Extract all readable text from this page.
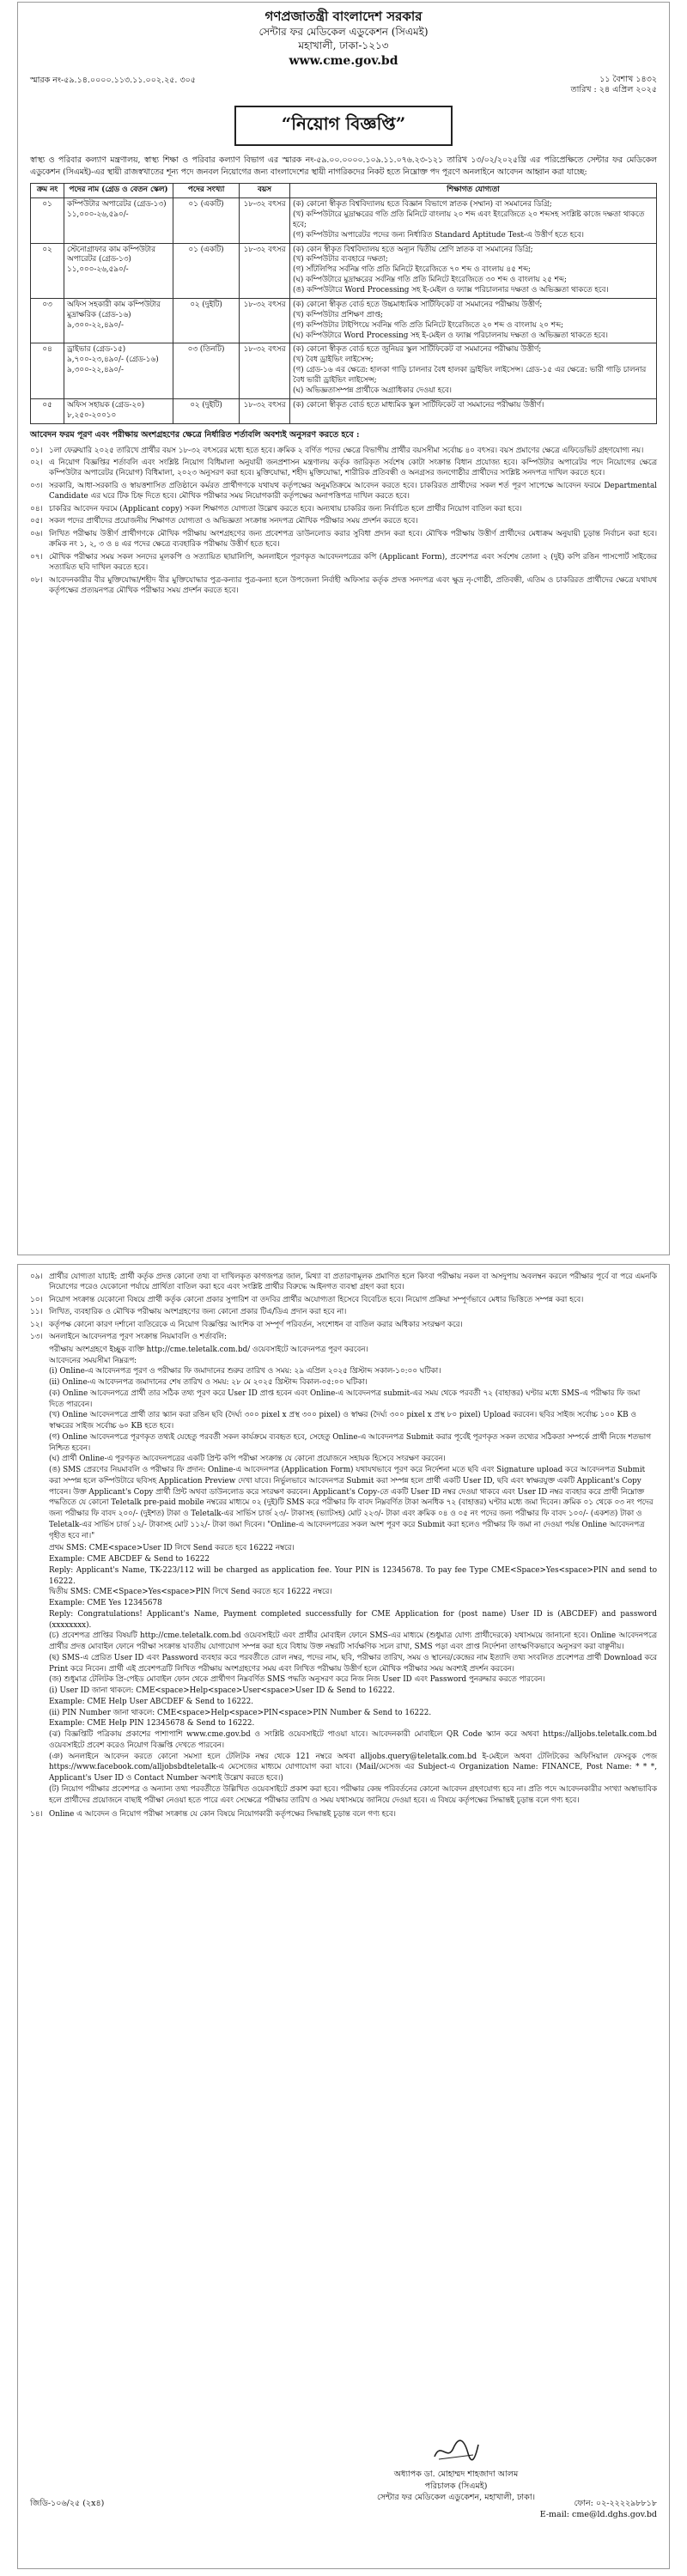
গণপ্রজাতন্ত্রী বাংলাদেশ সরকার
সেন্টার ফর মেডিকেল এডুকেশন (সিএমই)
মহাখালী, ঢাকা-১২১৩
www.cme.gov.bd
স্মারক নং-৫৯.১৪.০০০০.১১৩.১১.০০২.২৫. ৩০৫	১১ বৈশাখ ১৪৩২
তারিখ : ২৪ এপ্রিল ২০২৫
“নিয়োগ বিজ্ঞপ্তি”
স্বাস্থ্য ও পরিবার কল্যাণ মন্ত্রণালয়, স্বাস্থ্য শিক্ষা ও পরিবার কল্যাণ বিভাগ এর স্মারক নং-৫৯.০০.০০০০.১০৯.১১.০৭৬.২৩-১২১ তারিখ ১৩/০২/২০২৫খ্রি এর পরিপ্রেক্ষিতে সেন্টার ফর মেডিকেল এডুকেশন (সিএমই)-এর স্থায়ী রাজস্বখাতের শূন্য পদে জনবল নিয়োগের জন্য বাংলাদেশের স্থায়ী নাগরিকদের নিকট হতে নিম্নোক্ত পদ পূরণে অনলাইনে আবেদন আহ্বান করা যাচ্ছে:
ক্রম নং	পদের নাম (গ্রেড ও বেতন স্কেল)	পদের সংখ্যা	বয়স	শিক্ষাগত যোগ্যতা
০১	কম্পিউটার অপারেটর (গ্রেড-১৩) ১১,০০০-২৬,৫৯০/-	০১ (একটি)	১৮-৩২ বৎসর	(ক) কোনো স্বীকৃত বিশ্ববিদ্যালয় হতে বিজ্ঞান বিভাগে স্নাতক (সম্মান) বা সমমানের ডিগ্রি;
(খ) কম্পিউটারে মুদ্রাক্ষরের গতি প্রতি মিনিটে বাংলায় ২০ শব্দ এবং ইংরেজিতে ২০ শব্দসহ সংশ্লিষ্ট কাজে দক্ষতা থাকতে হবে;
(গ) কম্পিউটার অপারেটর পদের জন্য নির্ধারিত Standard Aptitude Test-এ উত্তীর্ণ হতে হবে।

০২	স্টেনোগ্রাফার কাম কম্পিউটার অপারেটর (গ্রেড-১৩) ১১,০০০-২৬,৫৯০/-	০১ (একটি)	১৮-৩২ বৎসর	(ক) কোন স্বীকৃত বিশ্ববিদ্যালয় হতে অন্যূন দ্বিতীয় শ্রেণি স্নাতক বা সমমানের ডিগ্রি;
(খ) কম্পিউটার ব্যবহারে দক্ষতা;
(গ) সাঁটলিপির সর্বনিম্ন গতি প্রতি মিনিটে ইংরেজিতে ৭০ শব্দ ও বাংলায় ৪৫ শব্দ;
(ঘ) কম্পিউটারে মুদ্রাক্ষরের সর্বনিম্ন গতি প্রতি মিনিটে ইংরেজিতে ৩০ শব্দ ও বাংলায় ২৫ শব্দ;
(ঙ) কম্পিউটারে Word Processing সহ ই-মেইল ও ফ্যাক্স পরিচালনার দক্ষতা ও অভিজ্ঞতা থাকতে হবে।

০৩	অফিস সহকারী কাম কম্পিউটার মুদ্রাক্ষরিক (গ্রেড-১৬) ৯,৩০০-২২,৪৯০/-	০২ (দুইটি)	১৮-৩২ বৎসর	(ক) কোনো স্বীকৃত বোর্ড হতে উচ্চমাধ্যমিক সার্টিফিকেট বা সমমানের পরীক্ষায় উত্তীর্ণ;
(খ) কম্পিউটার প্রশিক্ষণ প্রাপ্ত;
(গ) কম্পিউটার টাইপিংয়ে সর্বনিম্ন গতি প্রতি মিনিটে ইংরেজিতে ২০ শব্দ ও বাংলায় ২০ শব্দ;
(ঘ) কম্পিউটারে Word Processing সহ ই-মেইল ও ফ্যাক্স পরিচালনায় দক্ষতা ও অভিজ্ঞতা থাকতে হবে।

০৪	ড্রাইভার (গ্রেড-১৫) ৯,৭০০-২৩,৪৯০/- (গ্রেড-১৬) ৯,৩০০-২২,৪৯০/-	০৩ (তিনটি)	১৮-৩২ বৎসর	(ক) কোনো স্বীকৃত বোর্ড হতে জুনিয়র স্কুল সার্টিফিকেট বা সমমানের পরীক্ষায় উত্তীর্ণ;
(খ) বৈধ ড্রাইভিং লাইসেন্স;
(গ) গ্রেড-১৬ এর ক্ষেত্রে: হালকা গাড়ি চালনার বৈধ হালকা ড্রাইভিং লাইসেন্স। গ্রেড-১৫ এর ক্ষেত্রে: ভারী গাড়ি চালনার বৈধ ভারী ড্রাইভিং লাইসেন্স;
(ঘ) অভিজ্ঞতাসম্পন্ন প্রার্থীকে অগ্রাধিকার দেওয়া হবে।

০৫	অফিস সহায়ক (গ্রেড-২০) ৮,২৫০-২০০১০	০২ (দুইটি)	১৮-৩২ বৎসর	(ক) কোনো স্বীকৃত বোর্ড হতে মাধ্যমিক স্কুল সার্টিফিকেট বা সমমানের পরীক্ষায় উত্তীর্ণ।
আবেদন ফরম পূরণ এবং পরীক্ষায় অংশগ্রহণের ক্ষেত্রে নির্ধারিত শর্তাবলি অবশ্যই অনুসরণ করতে হবে :
০১। ১লা ফেব্রুয়ারি ২০২৫ তারিখে প্রার্থীর বয়স ১৮-৩২ বৎসরের মধ্যে হতে হবে। ক্রমিক ২ বর্ণিত পদের ক্ষেত্রে বিভাগীয় প্রার্থীর বয়সসীমা সর্বোচ্চ ৪০ বৎসর। বয়স প্রমাণের ক্ষেত্রে এফিডেভিট গ্রহণযোগ্য নয়।
০২। এ নিয়োগ বিজ্ঞপ্তির শর্তাবলি এবং সংশ্লিষ্ট নিয়োগ বিধিমালা অনুযায়ী জনপ্রশাসন মন্ত্রণালয় কর্তৃক জারিকৃত সর্বশেষ কোটা সংক্রান্ত বিধান প্রযোজ্য হবে। কম্পিউটার অপারেটর পদে নিয়োগের ক্ষেত্রে কম্পিউটার অপারেটর (নিয়োগ) বিধিমালা, ২০২৩ অনুসরণ করা হবে। মুক্তিযোদ্ধা, শহীদ মুক্তিযোদ্ধা, শারীরিক প্রতিবন্ধী ও অনগ্রসর জনগোষ্ঠীর প্রার্থীদের সংশ্লিষ্ট সনদপত্র দাখিল করতে হবে।
০৩। সরকারি, আধা-সরকারি ও স্বায়ত্তশাসিত প্রতিষ্ঠানে কর্মরত প্রার্থীগণকে যথাযথ কর্তৃপক্ষের অনুমতিক্রমে আবেদন করতে হবে। চাকরিরত প্রার্থীদের সকল শর্ত পূরণ সাপেক্ষে আবেদন ফরমে Departmental Candidate এর ঘরে টিক চিহ্ন দিতে হবে। মৌখিক পরীক্ষার সময় নিয়োগকারী কর্তৃপক্ষের অনাপত্তিপত্র দাখিল করতে হবে।
০৪। চাকরির আবেদন ফরমে (Applicant copy) সকল শিক্ষাগত যোগ্যতা উল্লেখ করতে হবে। অন্যথায় চাকরির জন্য নির্বাচিত হলে প্রার্থীর নিয়োগ বাতিল করা হবে।
০৫। সকল পদের প্রার্থীদের প্রয়োজনীয় শিক্ষাগত যোগ্যতা ও অভিজ্ঞতা সংক্রান্ত সনদপত্র মৌখিক পরীক্ষার সময় প্রদর্শন করতে হবে।
০৬। লিখিত পরীক্ষায় উত্তীর্ণ প্রার্থীগণকে মৌখিক পরীক্ষায় অংশগ্রহণের জন্য প্রবেশপত্র ডাউনলোড করার সুবিধা প্রদান করা হবে। মৌখিক পরীক্ষায় উত্তীর্ণ প্রার্থীদের মেধাক্রম অনুযায়ী চূড়ান্ত নির্বাচন করা হবে। ক্রমিক নং ১, ২, ৩ ও ৪ এর পদের ক্ষেত্রে ব্যবহারিক পরীক্ষায় উত্তীর্ণ হতে হবে।
০৭। মৌখিক পরীক্ষার সময় সকল সনদের মূলকপি ও সত্যায়িত ছায়ালিপি, অনলাইনে পূরণকৃত আবেদনপত্রের কপি (Applicant Form), প্রবেশপত্র এবং সর্বশেষ তোলা ২ (দুই) কপি রঙিন পাসপোর্ট সাইজের সত্যায়িত ছবি দাখিল করতে হবে।
০৮। আবেদনকারীর বীর মুক্তিযোদ্ধা/শহীদ বীর মুক্তিযোদ্ধার পুত্র-কন্যার পুত্র-কন্যা হলে উপজেলা নির্বাহী অফিসার কর্তৃক প্রদত্ত সনদপত্র এবং ক্ষুদ্র নৃ-গোষ্ঠী, প্রতিবন্ধী, এতিম ও চাকরিরত প্রার্থীদের ক্ষেত্রে যথাযথ কর্তৃপক্ষের প্রত্যয়নপত্র মৌখিক পরীক্ষার সময় প্রদর্শন করতে হবে।
০৯। প্রার্থীর যোগ্যতা যাচাই: প্রার্থী কর্তৃক প্রদত্ত কোনো তথ্য বা দাখিলকৃত কাগজপত্র জাল, মিথ্যা বা প্রতারণামূলক প্রমাণিত হলে কিংবা পরীক্ষায় নকল বা অসদুপায় অবলম্বন করলে পরীক্ষার পূর্বে বা পরে এমনকি নিয়োগের পরেও যেকোনো পর্যায়ে প্রার্থিতা বাতিল করা হবে এবং সংশ্লিষ্ট প্রার্থীর বিরুদ্ধে আইনগত ব্যবস্থা গ্রহণ করা হবে।
১০। নিয়োগ সংক্রান্ত যেকোনো বিষয়ে প্রার্থী কর্তৃক কোনো প্রকার সুপারিশ বা তদবির প্রার্থীর অযোগ্যতা হিসেবে বিবেচিত হবে। নিয়োগ প্রক্রিয়া সম্পূর্ণভাবে মেধার ভিত্তিতে সম্পন্ন করা হবে।
১১। লিখিত, ব্যবহারিক ও মৌখিক পরীক্ষায় অংশগ্রহণের জন্য কোনো প্রকার টিএ/ডিএ প্রদান করা হবে না।
১২। কর্তৃপক্ষ কোনো কারণ দর্শানো ব্যতিরেকে এ নিয়োগ বিজ্ঞপ্তির আংশিক বা সম্পূর্ণ পরিবর্তন, সংশোধন বা বাতিল করার অধিকার সংরক্ষণ করে।
১৩। অনলাইনে আবেদনপত্র পূরণ সংক্রান্ত নিয়মাবলি ও শর্তাবলি:
পরীক্ষায় অংশগ্রহণে ইচ্ছুক ব্যক্তি http://cme.teletalk.com.bd/ ওয়েবসাইটে আবেদনপত্র পূরণ করবেন।
আবেদনের সময়সীমা নিম্নরূপ:
(i) Online-এ আবেদনপত্র পূরণ ও পরীক্ষার ফি জমাদানের শুরুর তারিখ ও সময়: ২৯ এপ্রিল ২০২৫ খ্রিস্টাব্দ সকাল-১০:০০ ঘটিকা।
(ii) Online-এ আবেদনপত্র জমাদানের শেষ তারিখ ও সময়: ২৮ মে ২০২৫ খ্রিস্টাব্দ বিকাল-০৫:০০ ঘটিকা।
(ক) Online আবেদনপত্রে প্রার্থী তার সঠিক তথ্য পূরণ করে User ID প্রাপ্ত হবেন এবং Online-এ আবেদনপত্র submit-এর সময় থেকে পরবর্তী ৭২ (বাহাত্তর) ঘণ্টার মধ্যে SMS-এ পরীক্ষার ফি জমা দিতে পারবেন।
(খ) Online আবেদনপত্রে প্রার্থী তার স্ক্যান করা রঙিন ছবি (দৈর্ঘ্য ৩০০ pixel x প্রস্থ ৩০০ pixel) ও স্বাক্ষর (দৈর্ঘ্য ৩০০ pixel x প্রস্থ ৮০ pixel) Upload করবেন। ছবির সাইজ সর্বোচ্চ ১০০ KB ও স্বাক্ষরের সাইজ সর্বোচ্চ ৬০ KB হতে হবে।
(গ) Online আবেদনপত্রে পূরণকৃত তথ্যই যেহেতু পরবর্তী সকল কার্যক্রমে ব্যবহৃত হবে, সেহেতু Online-এ আবেদনপত্র Submit করার পূর্বেই পূরণকৃত সকল তথ্যের সঠিকতা সম্পর্কে প্রার্থী নিজে শতভাগ নিশ্চিত হবেন।
(ঘ) প্রার্থী Online-এ পূরণকৃত আবেদনপত্রের একটি প্রিন্ট কপি পরীক্ষা সংক্রান্ত যে কোনো প্রয়োজনে সহায়ক হিসেবে সংরক্ষণ করবেন।
(ঙ) SMS প্রেরণের নিয়মাবলি ও পরীক্ষার ফি প্রদান: Online-এ আবেদনপত্র (Application Form) যথাযথভাবে পূরণ করে নির্দেশনা মতে ছবি এবং Signature upload করে আবেদনপত্র Submit করা সম্পন্ন হলে কম্পিউটারে ছবিসহ Application Preview দেখা যাবে। নির্ভুলভাবে আবেদনপত্র Submit করা সম্পন্ন হলে প্রার্থী একটি User ID, ছবি এবং স্বাক্ষরযুক্ত একটি Applicant's Copy পাবেন। উক্ত Applicant's Copy প্রার্থী প্রিন্ট অথবা ডাউনলোড করে সংরক্ষণ করবেন। Applicant's Copy-তে একটি User ID নম্বর দেওয়া থাকবে এবং User ID নম্বর ব্যবহার করে প্রার্থী নিম্নোক্ত পদ্ধতিতে যে কোনো Teletalk pre-paid mobile নম্বরের মাধ্যমে ০২ (দুই)টি SMS করে পরীক্ষার ফি বাবদ নিম্নবর্ণিত টাকা অনধিক ৭২ (বাহাত্তর) ঘণ্টার মধ্যে জমা দিবেন। ক্রমিক ০১ থেকে ০৩ নং পদের জন্য পরীক্ষার ফি বাবদ ২০০/- (দুইশত) টাকা ও Teletalk-এর সার্ভিস চার্জ ২৩/- টাকাসহ (ভ্যাটসহ) মোট ২২৩/- টাকা এবং ক্রমিক ০৪ ও ০৫ নং পদের জন্য পরীক্ষার ফি বাবদ ১০০/- (একশত) টাকা ও Teletalk-এর সার্ভিস চার্জ ১২/- টাকাসহ মোট ১১২/- টাকা জমা দিবেন। "Online-এ আবেদনপত্রের সকল অংশ পূরণ করে Submit করা হলেও পরীক্ষার ফি জমা না দেওয়া পর্যন্ত Online আবেদনপত্র গৃহীত হবে না।"
প্রথম SMS: CME<space>User ID লিখে Send করতে হবে 16222 নম্বরে।
Example: CME ABCDEF & Send to 16222
Reply: Applicant's Name, TK-223/112 will be charged as application fee. Your PIN is 12345678. To pay fee Type CME<Space>Yes<space>PIN and send to 16222.
দ্বিতীয় SMS: CME<Space>Yes<space>PIN লিখে Send করতে হবে 16222 নম্বরে।
Example: CME Yes 12345678
Reply: Congratulations! Applicant's Name, Payment completed successfully for CME Application for (post name) User ID is (ABCDEF) and password (xxxxxxxx).
(চ) প্রবেশপত্র প্রাপ্তির বিষয়টি http://cme.teletalk.com.bd ওয়েবসাইটে এবং প্রার্থীর মোবাইল ফোনে SMS-এর মাধ্যমে (শুধুমাত্র যোগ্য প্রার্থীদেরকে) যথাসময়ে জানানো হবে। Online আবেদনপত্রে প্রার্থীর প্রদত্ত মোবাইল ফোনে পরীক্ষা সংক্রান্ত যাবতীয় যোগাযোগ সম্পন্ন করা হবে বিধায় উক্ত নম্বরটি সার্বক্ষণিক সচল রাখা, SMS পড়া এবং প্রাপ্ত নির্দেশনা তাৎক্ষণিকভাবে অনুসরণ করা বাঞ্ছনীয়।
(ছ) SMS-এ প্রেরিত User ID এবং Password ব্যবহার করে পরবর্তীতে রোল নম্বর, পদের নাম, ছবি, পরীক্ষার তারিখ, সময় ও স্থানের/কেন্দ্রের নাম ইত্যাদি তথ্য সংবলিত প্রবেশপত্র প্রার্থী Download করে Print করে নিবেন। প্রার্থী এই প্রবেশপত্রটি লিখিত পরীক্ষায় অংশগ্রহণের সময় এবং লিখিত পরীক্ষায় উত্তীর্ণ হলে মৌখিক পরীক্ষার সময় অবশ্যই প্রদর্শন করবেন।
(জ) শুধুমাত্র টেলিটক প্রি-পেইড মোবাইল ফোন থেকে প্রার্থীগণ নিম্নবর্ণিত SMS পদ্ধতি অনুসরণ করে নিজ নিজ User ID এবং Password পুনরুদ্ধার করতে পারবেন।
(i) User ID জানা থাকলে: CME<space>Help<space>User<space>User ID & Send to 16222.
Example: CME Help User ABCDEF & Send to 16222.
(ii) PIN Number জানা থাকলে: CME<space>Help<space>PIN<space>PIN Number & Send to 16222.
Example: CME Help PIN 12345678 & Send to 16222.
(ঝ) বিজ্ঞপ্তিটি পত্রিকায় প্রকাশের পাশাপাশি www.cme.gov.bd ও সংশ্লিষ্ট ওয়েবসাইটে পাওয়া যাবে। আবেদনকারী মোবাইলে QR Code স্ক্যান করে অথবা https://alljobs.teletalk.com.bd ওয়েবসাইটে প্রবেশ করেও নিয়োগ বিজ্ঞপ্তি দেখতে পারবেন।
(ঞ) অনলাইনে আবেদন করতে কোনো সমস্যা হলে টেলিটক নম্বর থেকে 121 নম্বরে অথবা alljobs.query@teletalk.com.bd ই-মেইলে অথবা টেলিটকের অফিসিয়াল ফেসবুক পেজ https://www.facebook.com/alljobsbdteletalk-এ মেসেজের মাধ্যমে যোগাযোগ করা যাবে। (Mail/মেসেজ এর Subject-এ Organization Name: FINANCE, Post Name: * * *, Applicant's User ID ও Contact Number অবশ্যই উল্লেখ করতে হবে।)
(ট) নিয়োগ পরীক্ষার প্রবেশপত্র ও অন্যান্য তথ্য পরবর্তীতে উল্লিখিত ওয়েবসাইটে প্রকাশ করা হবে। পরীক্ষার কেন্দ্র পরিবর্তনের কোনো আবেদন গ্রহণযোগ্য হবে না। প্রতি পদে আবেদনকারীর সংখ্যা অস্বাভাবিক হলে প্রার্থীদের প্রয়োজনে বাছাই পরীক্ষা নেওয়া হতে পারে এবং সেক্ষেত্রে পরীক্ষার তারিখ ও সময় যথাসময়ে জানিয়ে দেওয়া হবে। এ বিষয়ে কর্তৃপক্ষের সিদ্ধান্তই চূড়ান্ত বলে গণ্য হবে।
১৪। Online এ আবেদন ও নিয়োগ পরীক্ষা সংক্রান্ত যে কোন বিষয়ে নিয়োগকারী কর্তৃপক্ষের সিদ্ধান্তই চূড়ান্ত বলে গণ্য হবে।
অধ্যাপক ডা. মোহাম্মদ শাহজাদা আলম
পরিচালক (সিএমই)
সেন্টার ফর মেডিকেল এডুকেশন, মহাখালী, ঢাকা।
জিডি-১০৬/২৫ (২x৪)	ফোন: ০২-২২২২৯৮৮১৮
E-mail: cme@ld.dghs.gov.bd
